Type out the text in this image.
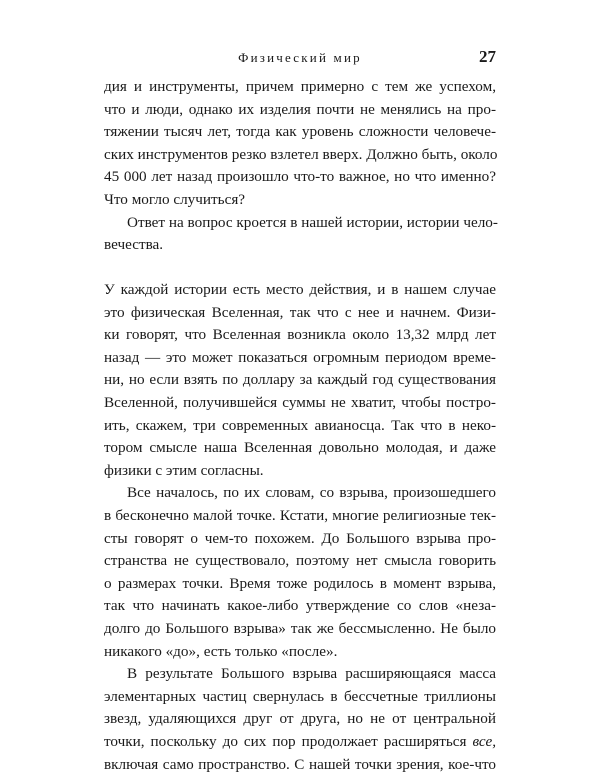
Физический мир	27
дия и инструменты, причем примерно с тем же успехом,
что и люди, однако их изделия почти не менялись на про-
тяжении тысяч лет, тогда как уровень сложности человече-
ских инструментов резко взлетел вверх. Должно быть, около
45 000 лет назад произошло что-то важное, но что именно?
Что могло случиться?
Ответ на вопрос кроется в нашей истории, истории чело-
вечества.
У каждой истории есть место действия, и в нашем случае
это физическая Вселенная, так что с нее и начнем. Физи-
ки говорят, что Вселенная возникла около 13,32 млрд лет
назад — это может показаться огромным периодом време-
ни, но если взять по доллару за каждый год существования
Вселенной, получившейся суммы не хватит, чтобы постро-
ить, скажем, три современных авианосца. Так что в неко-
тором смысле наша Вселенная довольно молодая, и даже
физики с этим согласны.
Все началось, по их словам, со взрыва, произошедшего
в бесконечно малой точке. Кстати, многие религиозные тек-
сты говорят о чем-то похожем. До Большого взрыва про-
странства не существовало, поэтому нет смысла говорить
о размерах точки. Время тоже родилось в момент взрыва,
так что начинать какое-либо утверждение со слов «неза-
долго до Большого взрыва» так же бессмысленно. Не было
никакого «до», есть только «после».
В результате Большого взрыва расширяющаяся масса
элементарных частиц свернулась в бессчетные триллионы
звезд, удаляющихся друг от друга, но не от центральной
точки, поскольку до сих пор продолжает расширяться все,
включая само пространство. С нашей точки зрения, кое-что
